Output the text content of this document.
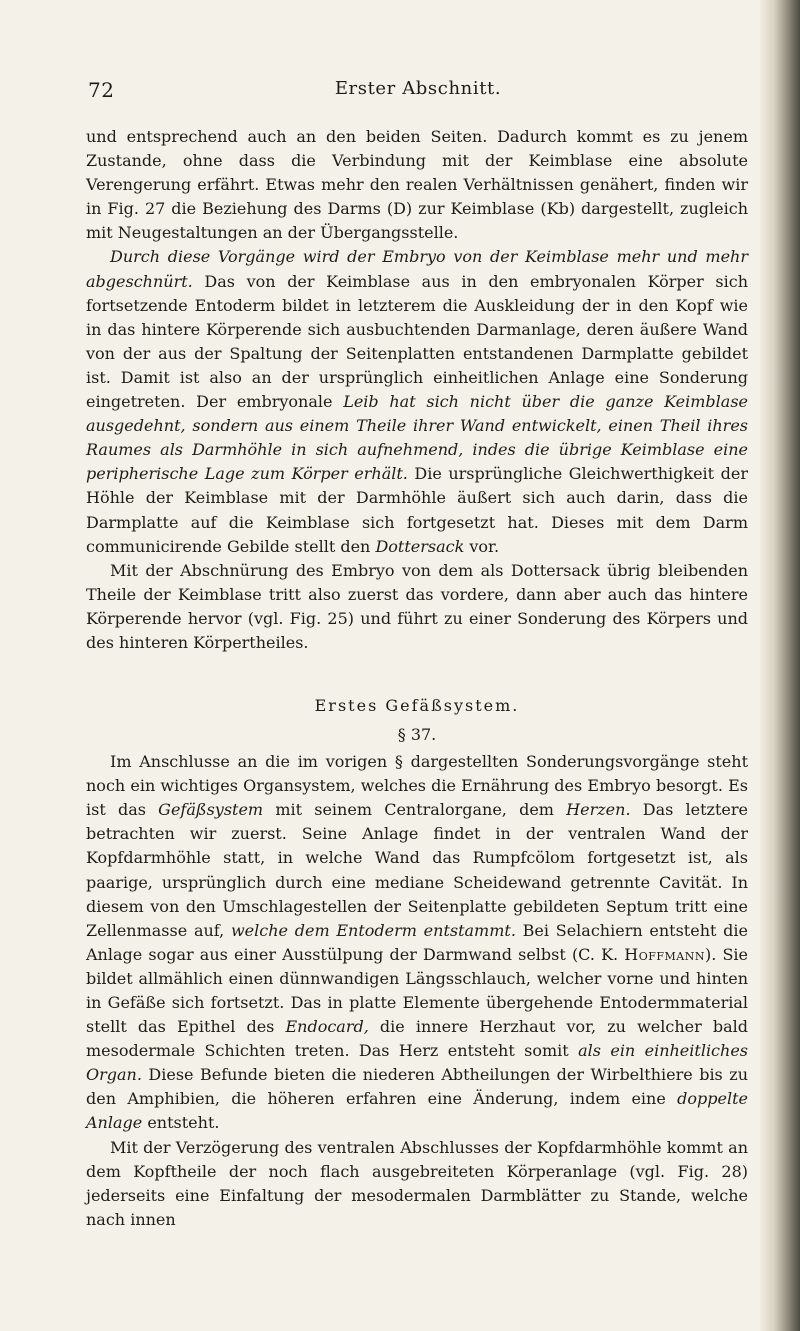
72	Erster Abschnitt.

und entsprechend auch an den beiden Seiten. Dadurch kommt es zu jenem Zustande, ohne dass die Verbindung mit der Keimblase eine absolute Verengerung erfährt. Etwas mehr den realen Verhältnissen genähert, finden wir in Fig. 27 die Beziehung des Darms (D) zur Keimblase (Kb) dargestellt, zugleich mit Neugestaltungen an der Übergangsstelle.

Durch diese Vorgänge wird der Embryo von der Keimblase mehr und mehr abgeschnürt. Das von der Keimblase aus in den embryonalen Körper sich fortsetzende Entoderm bildet in letzterem die Auskleidung der in den Kopf wie in das hintere Körperende sich ausbuchtenden Darmanlage, deren äußere Wand von der aus der Spaltung der Seitenplatten entstandenen Darmplatte gebildet ist. Damit ist also an der ursprünglich einheitlichen Anlage eine Sonderung eingetreten. Der embryonale Leib hat sich nicht über die ganze Keimblase ausgedehnt, sondern aus einem Theile ihrer Wand entwickelt, einen Theil ihres Raumes als Darmhöhle in sich aufnehmend, indes die übrige Keimblase eine peripherische Lage zum Körper erhält. Die ursprüngliche Gleichwerthigkeit der Höhle der Keimblase mit der Darmhöhle äußert sich auch darin, dass die Darmplatte auf die Keimblase sich fortgesetzt hat. Dieses mit dem Darm communicirende Gebilde stellt den Dottersack vor.

Mit der Abschnürung des Embryo von dem als Dottersack übrig bleibenden Theile der Keimblase tritt also zuerst das vordere, dann aber auch das hintere Körperende hervor (vgl. Fig. 25) und führt zu einer Sonderung des Körpers und des hinteren Körpertheiles.

Erstes Gefäßsystem.
§ 37.

Im Anschlusse an die im vorigen § dargestellten Sonderungsvorgänge steht noch ein wichtiges Organsystem, welches die Ernährung des Embryo besorgt. Es ist das Gefäßsystem mit seinem Centralorgane, dem Herzen. Das letztere betrachten wir zuerst. Seine Anlage findet in der ventralen Wand der Kopfdarmhöhle statt, in welche Wand das Rumpfcölom fortgesetzt ist, als paarige, ursprünglich durch eine mediane Scheidewand getrennte Cavität. In diesem von den Umschlagestellen der Seitenplatte gebildeten Septum tritt eine Zellenmasse auf, welche dem Entoderm entstammt. Bei Selachiern entsteht die Anlage sogar aus einer Ausstülpung der Darmwand selbst (C. K. Hoffmann). Sie bildet allmählich einen dünnwandigen Längsschlauch, welcher vorne und hinten in Gefäße sich fortsetzt. Das in platte Elemente übergehende Entodermmaterial stellt das Epithel des Endocard, die innere Herzhaut vor, zu welcher bald mesodermale Schichten treten. Das Herz entsteht somit als ein einheitliches Organ. Diese Befunde bieten die niederen Abtheilungen der Wirbelthiere bis zu den Amphibien, die höheren erfahren eine Änderung, indem eine doppelte Anlage entsteht.

Mit der Verzögerung des ventralen Abschlusses der Kopfdarmhöhle kommt an dem Kopftheile der noch flach ausgebreiteten Körperanlage (vgl. Fig. 28) jederseits eine Einfaltung der mesodermalen Darmblätter zu Stande, welche nach innen
